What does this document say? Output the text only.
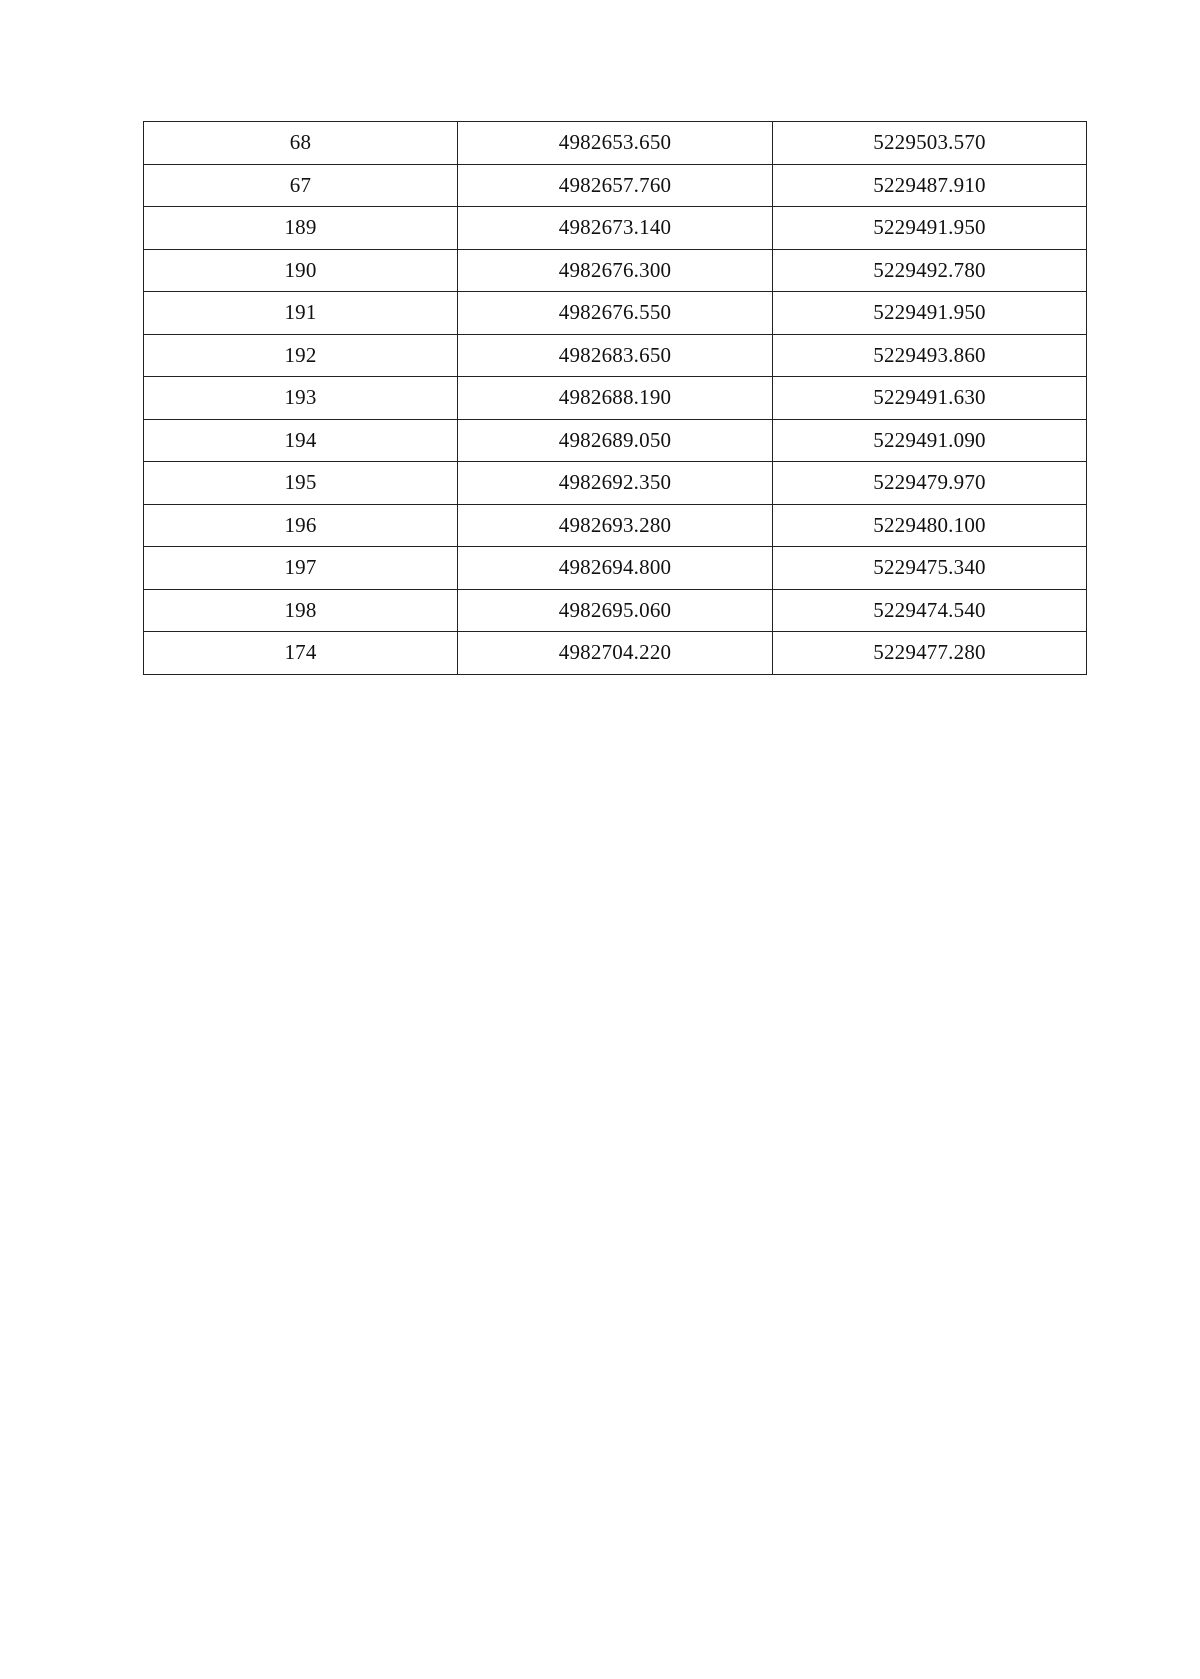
68	4982653.650	5229503.570
67	4982657.760	5229487.910
189	4982673.140	5229491.950
190	4982676.300	5229492.780
191	4982676.550	5229491.950
192	4982683.650	5229493.860
193	4982688.190	5229491.630
194	4982689.050	5229491.090
195	4982692.350	5229479.970
196	4982693.280	5229480.100
197	4982694.800	5229475.340
198	4982695.060	5229474.540
174	4982704.220	5229477.280
